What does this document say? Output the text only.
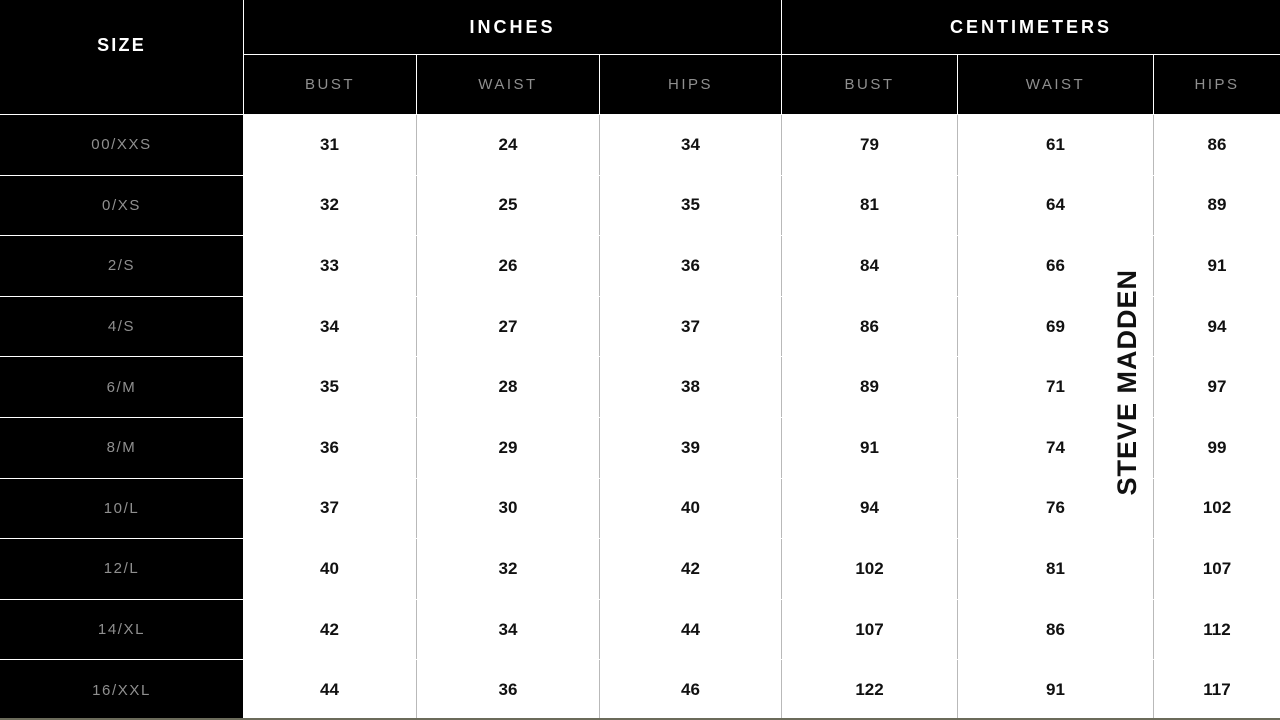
SIZE
INCHES	CENTIMETERS
BUST	WAIST	HIPS	BUST	WAIST	HIPS
00/XXS	31	24	34	79	61	86
0/XS	32	25	35	81	64	89
2/S	33	26	36	84	66	91
4/S	34	27	37	86	69	94
6/M	35	28	38	89	71	97
8/M	36	29	39	91	74	99
10/L	37	30	40	94	76	102
12/L	40	32	42	102	81	107
14/XL	42	34	44	107	86	112
16/XXL	44	36	46	122	91	117
STEVE MADDEN
